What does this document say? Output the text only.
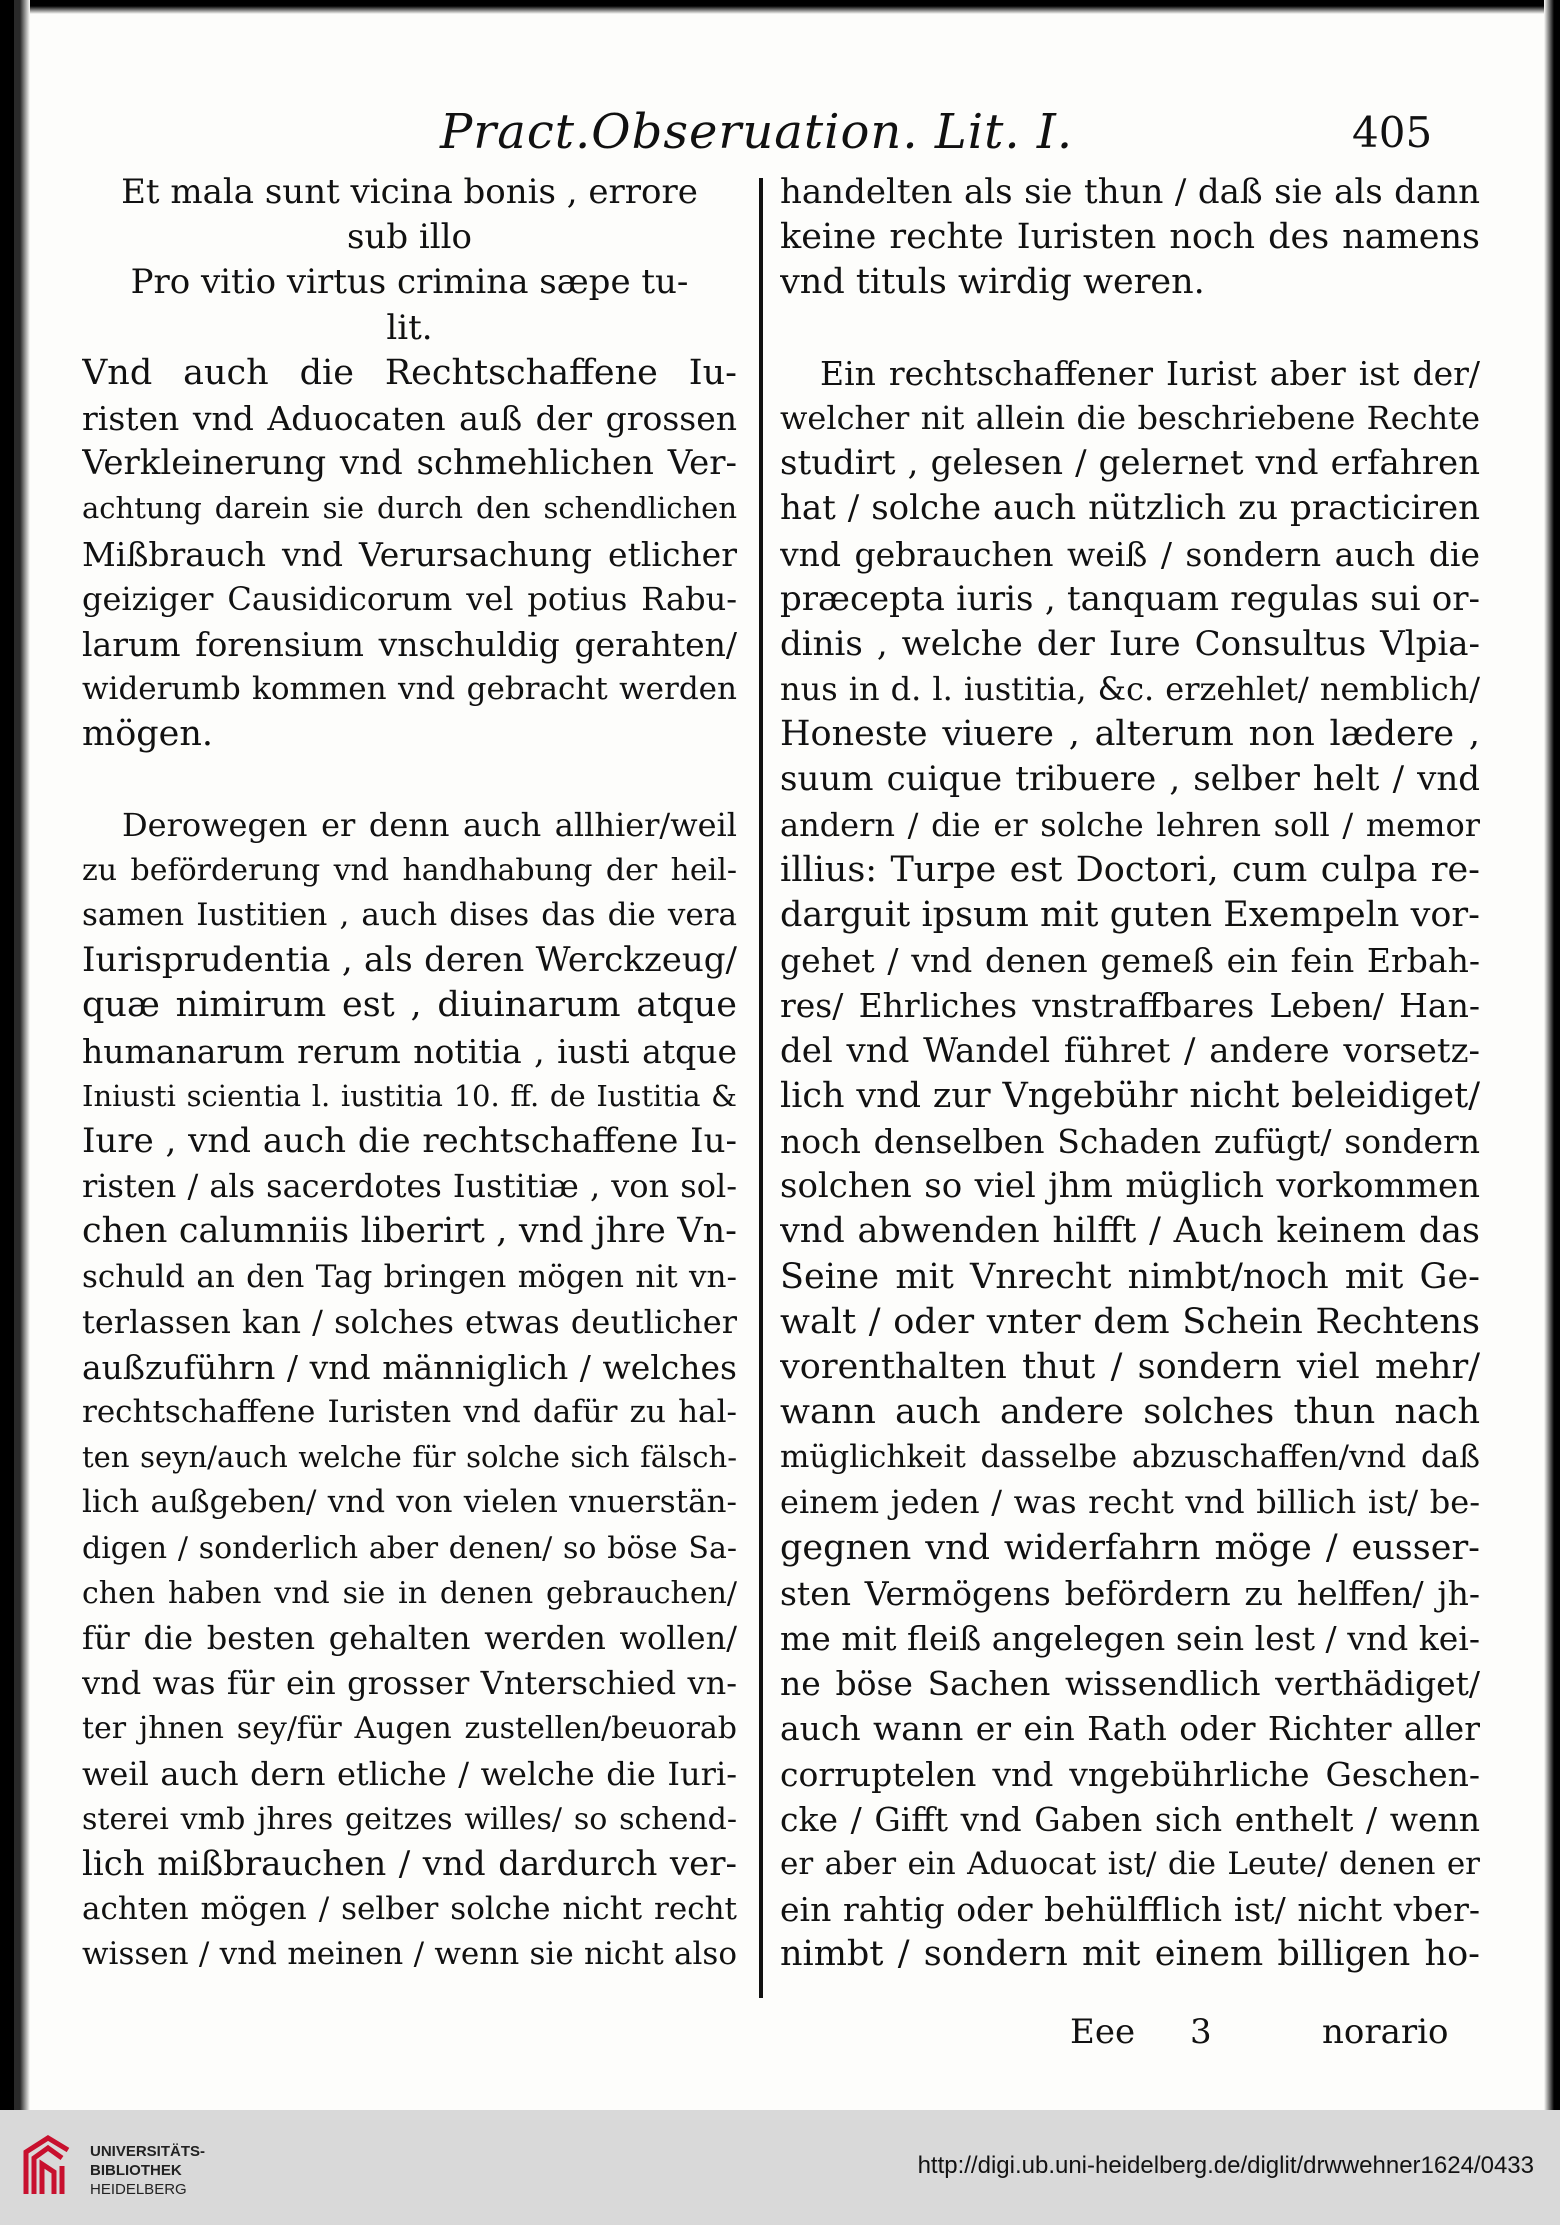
Pract.Obseruation. Lit. I.	405
Et mala sunt vicina bonis , errore
sub illo
Pro vitio virtus crimina sæpe tu-
lit.
Vnd auch die Rechtschaffene Iu-
risten vnd Aduocaten auß der grossen
Verkleinerung vnd schmehlichen Ver-
achtung darein sie durch den schendlichen
Mißbrauch vnd Verursachung etlicher
geiziger Causidicorum vel potius Rabu-
larum forensium vnschuldig gerahten/
widerumb kommen vnd gebracht werden
mögen.
Derowegen er denn auch allhier/weil
zu beförderung vnd handhabung der heil-
samen Iustitien , auch dises das die vera
Iurisprudentia , als deren Werckzeug/
quæ nimirum est , diuinarum atque
humanarum rerum notitia , iusti atque
Iniusti scientia l. iustitia 10. ff. de Iustitia &
Iure , vnd auch die rechtschaffene Iu-
risten / als sacerdotes Iustitiæ , von sol-
chen calumniis liberirt , vnd jhre Vn-
schuld an den Tag bringen mögen nit vn-
terlassen kan / solches etwas deutlicher
außzuführn / vnd männiglich / welches
rechtschaffene Iuristen vnd dafür zu hal-
ten seyn/auch welche für solche sich fälsch-
lich außgeben/ vnd von vielen vnuerstän-
digen / sonderlich aber denen/ so böse Sa-
chen haben vnd sie in denen gebrauchen/
für die besten gehalten werden wollen/
vnd was für ein grosser Vnterschied vn-
ter jhnen sey/für Augen zustellen/beuorab
weil auch dern etliche / welche die Iuri-
sterei vmb jhres geitzes willes/ so schend-
lich mißbrauchen / vnd dardurch ver-
achten mögen / selber solche nicht recht
wissen / vnd meinen / wenn sie nicht also
handelten als sie thun / daß sie als dann
keine rechte Iuristen noch des namens
vnd tituls wirdig weren.
Ein rechtschaffener Iurist aber ist der/
welcher nit allein die beschriebene Rechte
studirt , gelesen / gelernet vnd erfahren
hat / solche auch nützlich zu practiciren
vnd gebrauchen weiß / sondern auch die
præcepta iuris , tanquam regulas sui or-
dinis , welche der Iure Consultus Vlpia-
nus in d. l. iustitia, &c. erzehlet/ nemblich/
Honeste viuere , alterum non lædere ,
suum cuique tribuere , selber helt / vnd
andern / die er solche lehren soll / memor
illius: Turpe est Doctori, cum culpa re-
darguit ipsum mit guten Exempeln vor-
gehet / vnd denen gemeß ein fein Erbah-
res/ Ehrliches vnstraffbares Leben/ Han-
del vnd Wandel führet / andere vorsetz-
lich vnd zur Vngebühr nicht beleidiget/
noch denselben Schaden zufügt/ sondern
solchen so viel jhm müglich vorkommen
vnd abwenden hilfft / Auch keinem das
Seine mit Vnrecht nimbt/noch mit Ge-
walt / oder vnter dem Schein Rechtens
vorenthalten thut / sondern viel mehr/
wann auch andere solches thun nach
müglichkeit dasselbe abzuschaffen/vnd daß
einem jeden / was recht vnd billich ist/ be-
gegnen vnd widerfahrn möge / eusser-
sten Vermögens befördern zu helffen/ jh-
me mit fleiß angelegen sein lest / vnd kei-
ne böse Sachen wissendlich verthädiget/
auch wann er ein Rath oder Richter aller
corruptelen vnd vngebührliche Geschen-
cke / Gifft vnd Gaben sich enthelt / wenn
er aber ein Aduocat ist/ die Leute/ denen er
ein rahtig oder behülfflich ist/ nicht vber-
nimbt / sondern mit einem billigen ho-
Eee 3	norario
UNIVERSITÄTS-
BIBLIOTHEK
HEIDELBERG
http://digi.ub.uni-heidelberg.de/diglit/drwwehner1624/0433
